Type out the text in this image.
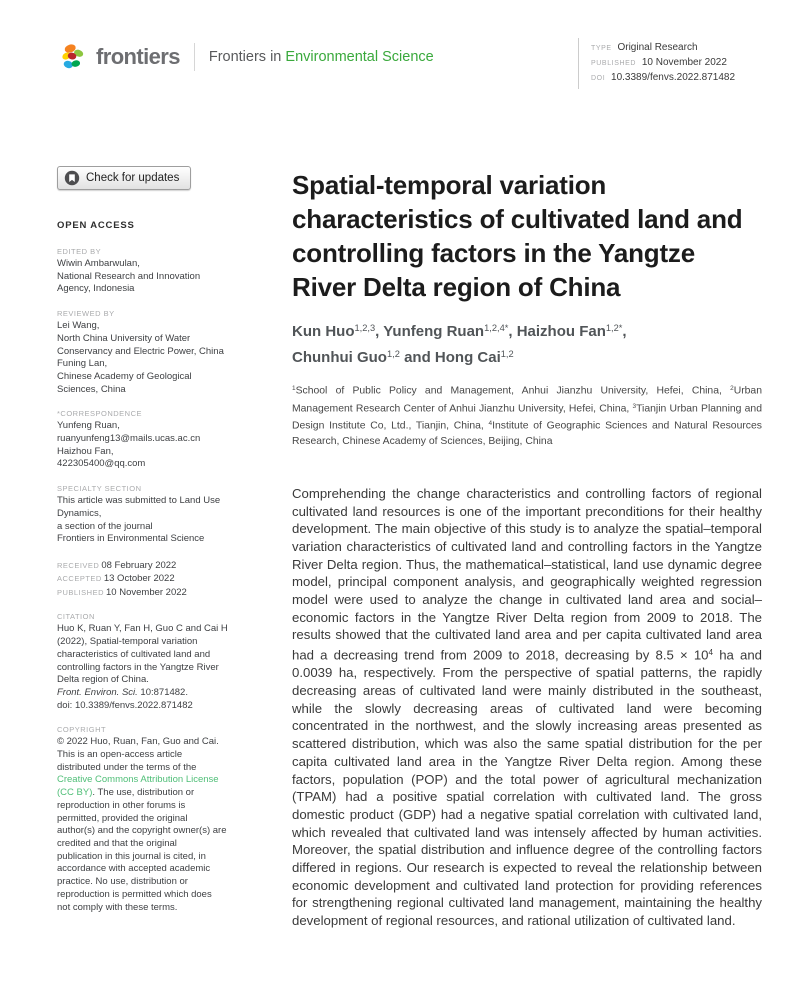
frontiers Frontiers in Environmental Science
TYPE Original Research
PUBLISHED 10 November 2022
DOI 10.3389/fenvs.2022.871482
Check for updates
OPEN ACCESS
EDITED BY
Wiwin Ambarwulan,
National Research and Innovation
Agency, Indonesia
REVIEWED BY
Lei Wang,
North China University of Water
Conservancy and Electric Power, China
Funing Lan,
Chinese Academy of Geological
Sciences, China
*CORRESPONDENCE
Yunfeng Ruan,
ruanyunfeng13@mails.ucas.ac.cn
Haizhou Fan,
422305400@qq.com
SPECIALTY SECTION
This article was submitted to Land Use
Dynamics,
a section of the journal
Frontiers in Environmental Science
RECEIVED 08 February 2022
ACCEPTED 13 October 2022
PUBLISHED 10 November 2022
CITATION
Huo K, Ruan Y, Fan H, Guo C and Cai H
(2022), Spatial-temporal variation
characteristics of cultivated land and
controlling factors in the Yangtze River
Delta region of China.
Front. Environ. Sci. 10:871482.
doi: 10.3389/fenvs.2022.871482
COPYRIGHT
© 2022 Huo, Ruan, Fan, Guo and Cai.
This is an open-access article
distributed under the terms of the
Creative Commons Attribution License
(CC BY). The use, distribution or
reproduction in other forums is
permitted, provided the original
author(s) and the copyright owner(s) are
credited and that the original
publication in this journal is cited, in
accordance with accepted academic
practice. No use, distribution or
reproduction is permitted which does
not comply with these terms.
Spatial-temporal variation characteristics of cultivated land and controlling factors in the Yangtze River Delta region of China
Kun Huo$^{1,2,3}$, Yunfeng Ruan$^{1,2,4*}$, Haizhou Fan$^{1,2*}$,
Chunhui Guo$^{1,2}$ and Hong Cai$^{1,2}$
$^1$School of Public Policy and Management, Anhui Jianzhu University, Hefei, China, $^2$Urban Management Research Center of Anhui Jianzhu University, Hefei, China, $^3$Tianjin Urban Planning and Design Institute Co, Ltd., Tianjin, China, $^4$Institute of Geographic Sciences and Natural Resources Research, Chinese Academy of Sciences, Beijing, China
Comprehending the change characteristics and controlling factors of regional cultivated land resources is one of the important preconditions for their healthy development. The main objective of this study is to analyze the spatial–temporal variation characteristics of cultivated land and controlling factors in the Yangtze River Delta region. Thus, the mathematical–statistical, land use dynamic degree model, principal component analysis, and geographically weighted regression model were used to analyze the change in cultivated land area and social–economic factors in the Yangtze River Delta region from 2009 to 2018. The results showed that the cultivated land area and per capita cultivated land area had a decreasing trend from 2009 to 2018, decreasing by $8.5 \times 10^4$ ha and 0.0039 ha, respectively. From the perspective of spatial patterns, the rapidly decreasing areas of cultivated land were mainly distributed in the southeast, while the slowly decreasing areas of cultivated land were becoming concentrated in the northwest, and the slowly increasing areas presented as scattered distribution, which was also the same spatial distribution for the per capita cultivated land area in the Yangtze River Delta region. Among these factors, population (POP) and the total power of agricultural mechanization (TPAM) had a positive spatial correlation with cultivated land. The gross domestic product (GDP) had a negative spatial correlation with cultivated land, which revealed that cultivated land was intensely affected by human activities. Moreover, the spatial distribution and influence degree of the controlling factors differed in regions. Our research is expected to reveal the relationship between economic development and cultivated land protection for providing references for strengthening regional cultivated land management, maintaining the healthy development of regional resources, and rational utilization of cultivated land.
